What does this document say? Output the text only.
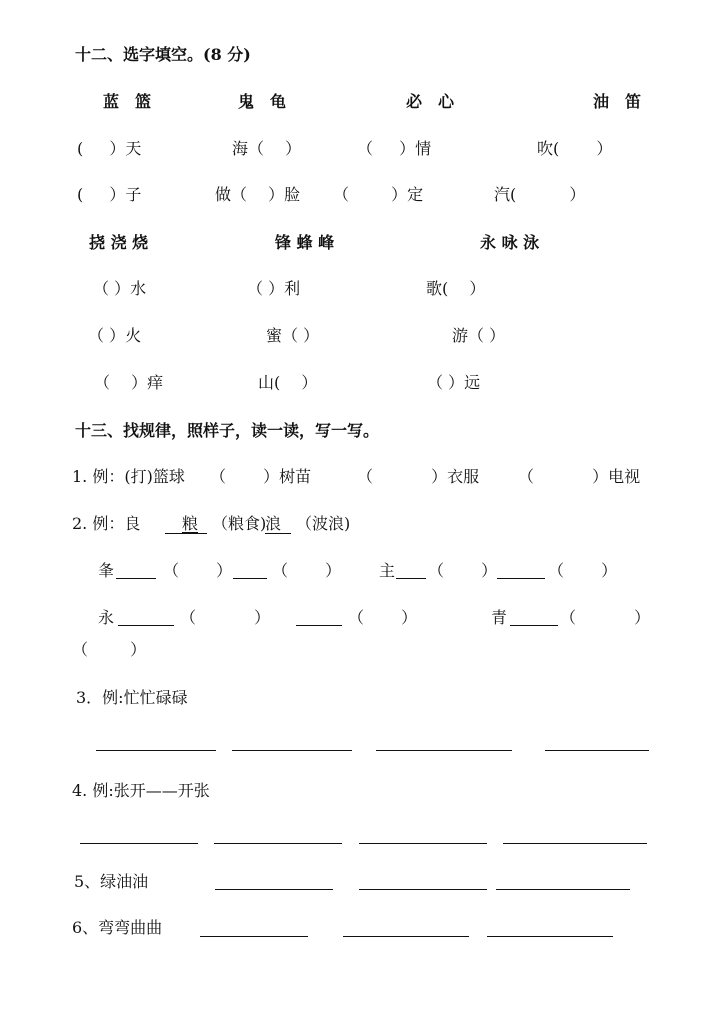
十二、选字填空。(8 分)
蓝　篮	鬼　龟	必　心	油　笛
( 　 ）天	海（　 ）	（ 　 ）情	吹(　　 ）
( 　 ）子	做（　 ）脸 （ 　 　）定	汽(　　　 ）
挠 浇 烧	锋 蜂 峰	永 咏 泳
（ ）水	（ ）利	歌(　 ）
（ ）火	蜜（ ）	游（ ）
（　 ）痒	山(　 ）	（ ）远
十三、找规律，照样子，读一读，写一写。
1. 例：(打)篮球 （ 　　）树苗	（ 　　　 ）衣服 （ 　　　 ）电视
2. 例：良	粮 （粮食)
浪 （波浪)
夆	（ 　　） （ 　　） 主 （ 　　）	（ 　　）
永	（ 　　　 ）	（ 　　）	青	（ 　　　 ）
（ 　　 ）
3．例:忙忙碌碌
4. 例:张开——开张
5、绿油油
6、弯弯曲曲
